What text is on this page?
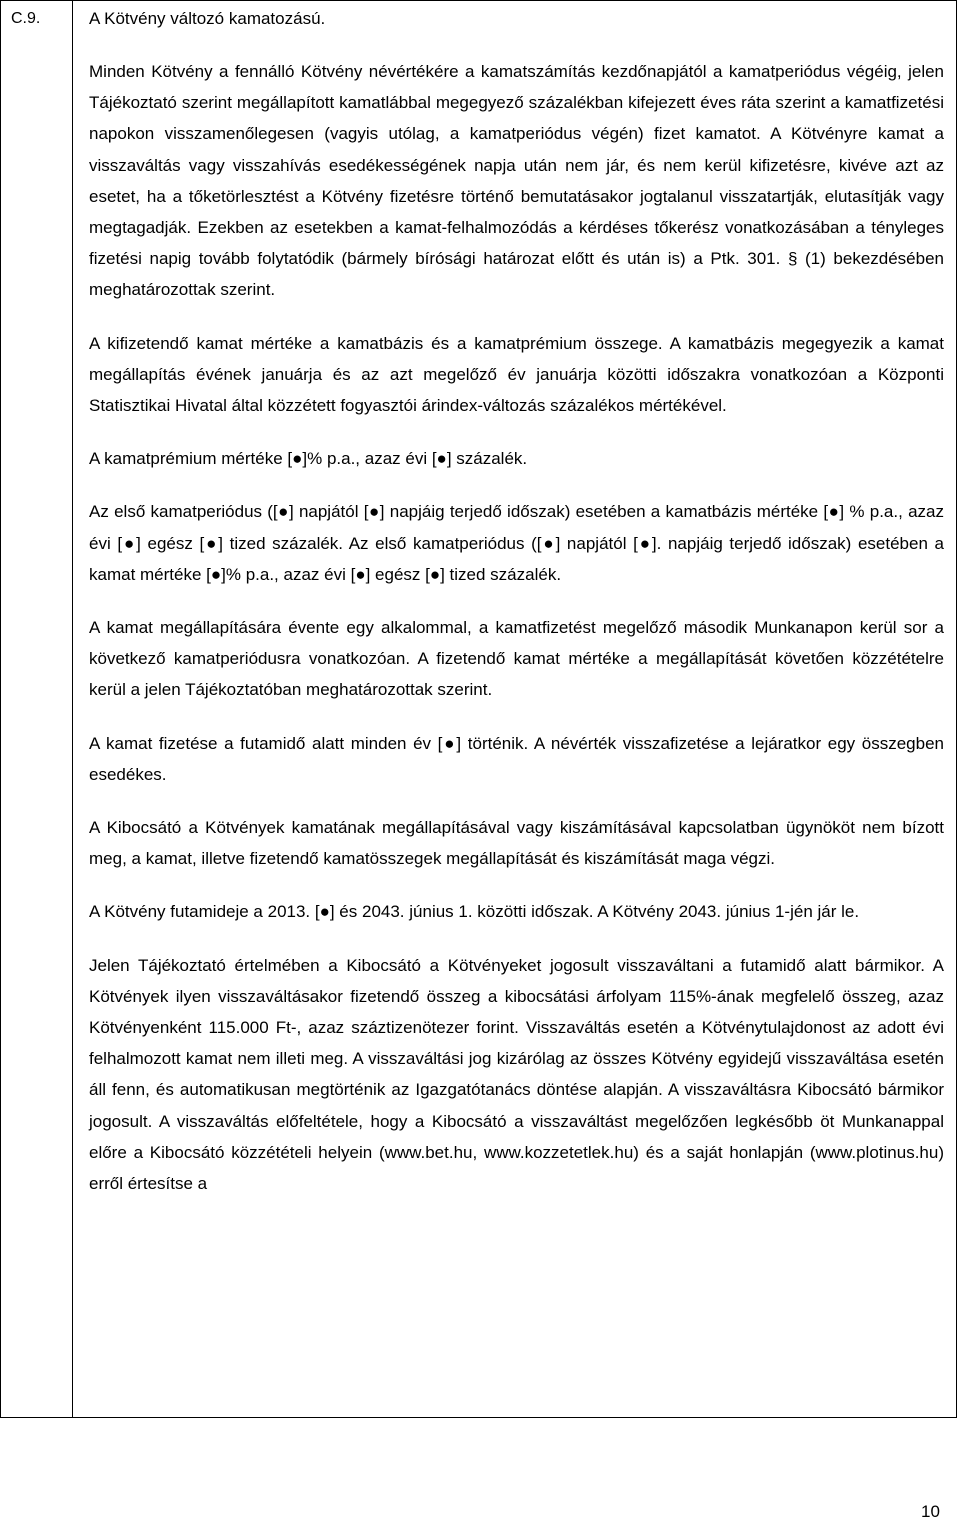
C.9.	A Kötvény változó kamatozású.

Minden Kötvény a fennálló Kötvény névértékére a kamatszámítás kezdőnapjától a kamatperiódus végéig, jelen Tájékoztató szerint megállapított kamatlábbal megegyező százalékban kifejezett éves ráta szerint a kamatfizetési napokon visszamenőlegesen (vagyis utólag, a kamatperiódus végén) fizet kamatot. A Kötvényre kamat a visszaváltás vagy visszahívás esedékességének napja után nem jár, és nem kerül kifizetésre, kivéve azt az esetet, ha a tőketörlesztést a Kötvény fizetésre történő bemutatásakor jogtalanul visszatartják, elutasítják vagy megtagadják. Ezekben az esetekben a kamat-felhalmozódás a kérdéses tőkerész vonatkozásában a tényleges fizetési napig tovább folytatódik (bármely bírósági határozat előtt és után is) a Ptk. 301. § (1) bekezdésében meghatározottak szerint.

A kifizetendő kamat mértéke a kamatbázis és a kamatprémium összege. A kamatbázis megegyezik a kamat megállapítás évének januárja és az azt megelőző év januárja közötti időszakra vonatkozóan a Központi Statisztikai Hivatal által közzétett fogyasztói árindex-változás százalékos mértékével.

A kamatprémium mértéke [●]% p.a., azaz évi [●] százalék.

Az első kamatperiódus ([●] napjától [●] napjáig terjedő időszak) esetében a kamatbázis mértéke [●] % p.a., azaz évi [●] egész [●] tized százalék. Az első kamatperiódus ([●] napjától [●]. napjáig terjedő időszak) esetében a kamat mértéke [●]% p.a., azaz évi [●] egész [●] tized százalék.

A kamat megállapítására évente egy alkalommal, a kamatfizetést megelőző második Munkanapon kerül sor a következő kamatperiódusra vonatkozóan. A fizetendő kamat mértéke a megállapítását követően közzétételre kerül a jelen Tájékoztatóban meghatározottak szerint.

A kamat fizetése a futamidő alatt minden év [●] történik. A névérték visszafizetése a lejáratkor egy összegben esedékes.

A Kibocsátó a Kötvények kamatának megállapításával vagy kiszámításával kapcsolatban ügynököt nem bízott meg, a kamat, illetve fizetendő kamatösszegek megállapítását és kiszámítását maga végzi.

A Kötvény futamideje a 2013. [●] és 2043. június 1. közötti időszak. A Kötvény 2043. június 1-jén jár le.

Jelen Tájékoztató értelmében a Kibocsátó a Kötvényeket jogosult visszaváltani a futamidő alatt bármikor. A Kötvények ilyen visszaváltásakor fizetendő összeg a kibocsátási árfolyam 115%-ának megfelelő összeg, azaz Kötvényenként 115.000 Ft-, azaz száztizenötezer forint. Visszaváltás esetén a Kötvénytulajdonost az adott évi felhalmozott kamat nem illeti meg. A visszaváltási jog kizárólag az összes Kötvény egyidejű visszaváltása esetén áll fenn, és automatikusan megtörténik az Igazgatótanács döntése alapján. A visszaváltásra Kibocsátó bármikor jogosult. A visszaváltás előfeltétele, hogy a Kibocsátó a visszaváltást megelőzően legkésőbb öt Munkanappal előre a Kibocsátó közzétételi helyein (www.bet.hu, www.kozzetetlek.hu) és a saját honlapján (www.plotinus.hu) erről értesítse a

10
